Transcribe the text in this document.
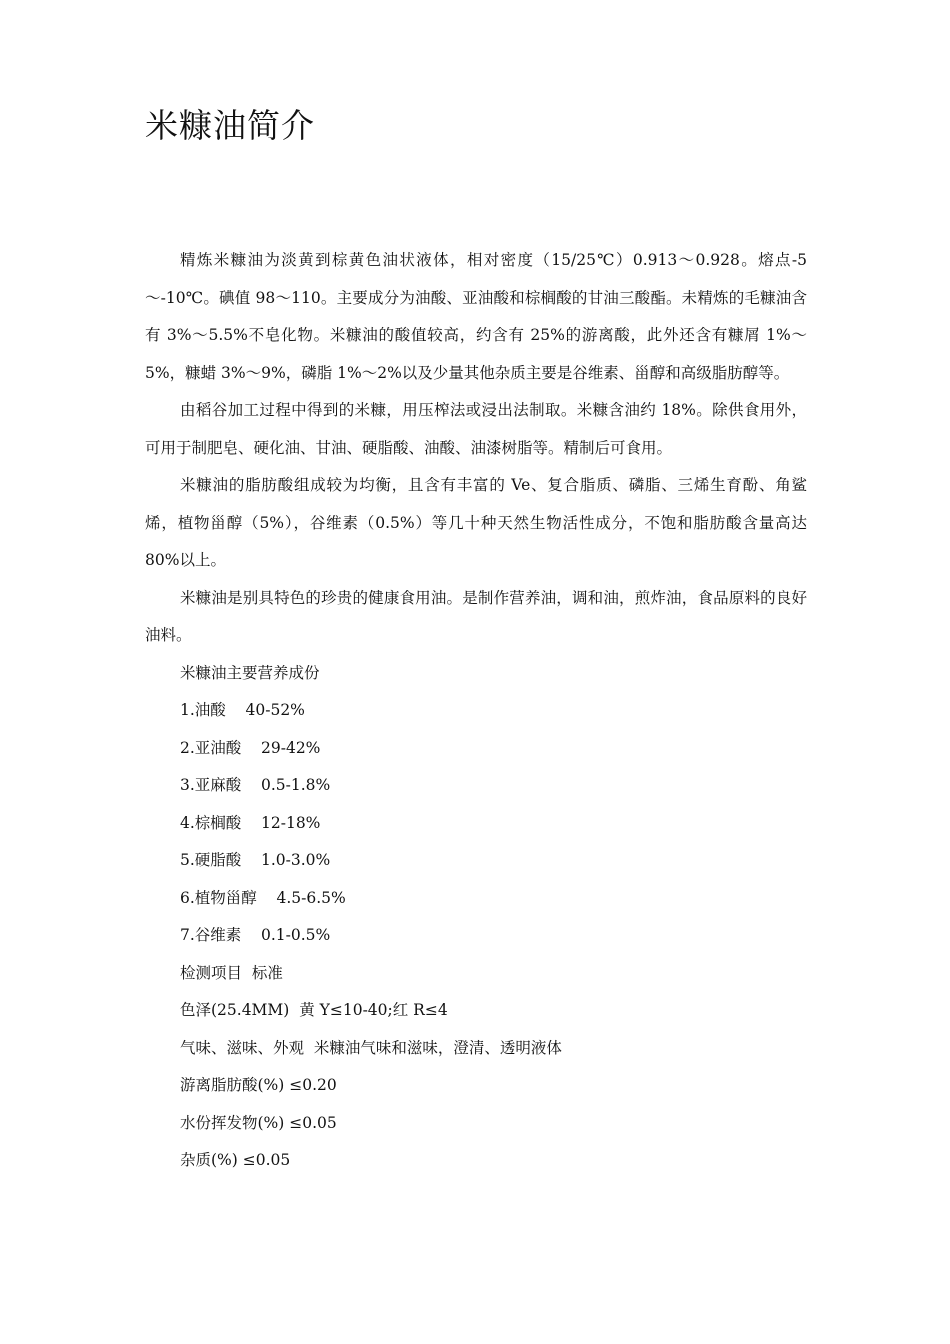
米糠油简介

精炼米糠油为淡黄到棕黄色油状液体，相对密度（15/25℃）0.913～0.928。熔点-5～-10℃。碘值 98～110。主要成分为油酸、亚油酸和棕榈酸的甘油三酸酯。未精炼的毛糠油含有 3%～5.5%不皂化物。米糠油的酸值较高，约含有 25%的游离酸，此外还含有糠屑 1%～5%，糠蜡 3%～9%，磷脂 1%～2%以及少量其他杂质主要是谷维素、甾醇和高级脂肪醇等。

由稻谷加工过程中得到的米糠，用压榨法或浸出法制取。米糠含油约 18%。除供食用外，可用于制肥皂、硬化油、甘油、硬脂酸、油酸、油漆树脂等。精制后可食用。

米糠油的脂肪酸组成较为均衡，且含有丰富的 Ve、复合脂质、磷脂、三烯生育酚、角鲨烯，植物甾醇（5%），谷维素（0.5%）等几十种天然生物活性成分，不饱和脂肪酸含量高达 80%以上。

米糠油是别具特色的珍贵的健康食用油。是制作营养油，调和油，煎炸油，食品原料的良好油料。

米糠油主要营养成份

1.油酸    40-52%

2.亚油酸    29-42%

3.亚麻酸    0.5-1.8%

4.棕榈酸    12-18%

5.硬脂酸    1.0-3.0%

6.植物甾醇    4.5-6.5%

7.谷维素    0.1-0.5%

检测项目  标准

色泽(25.4MM)  黄 Y≤10-40;红 R≤4

气味、滋味、外观  米糠油气味和滋味，澄清、透明液体

游离脂肪酸(%) ≤0.20

水份挥发物(%) ≤0.05

杂质(%) ≤0.05
